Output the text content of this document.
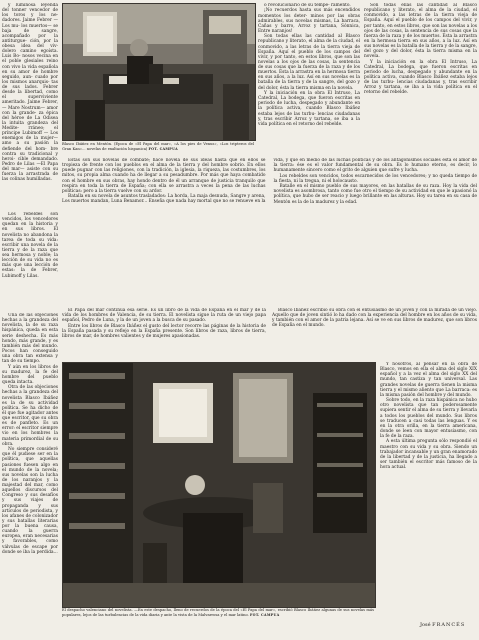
y luminosa leyenda del tonner vencedor de los toros y los ne- dadores. Jaime Febrer —Los mu- los muertos— se baja de sangre, acompañado por la antiturgue- ción, por la obesa idea del viv- dolero camino egoísta. Luis Bo- nosos vecina en el poble glesiales reino con vivo la vida española en su amor de hombre seguido, aun- cuado por los mismos anarquis- tas de sus lados. Febrer desde la libertad, como el superviviente ameritado. Jaime Febrer, — Mare Nostrum— amor con la grande- za épica del héroe de La Odisea la intuita grandeza del Medite- rráneo; el príncipe Lubimoff — Los enemigos de la mujer— amo a su pasión la defiende del hom- bre contra su tradicional y heroi- cible demandado. Pedro de Lilas —El Papa del mar— asiste con su fuerza la arrastrada de las colinas humilladas.

Blasco Ibáñez en Mentón. (Época de «El Papa del mar», «A los pies de Venus», «Los tripteros del Gran Kan»... novelas de exaltación hispanica) FOT. CAMPUA

o revolucionario de su tempe- ramento.

¡No recuerdos hasta sus más encendidos momentos los deter- minos por las obras admirables, sus novelas mismas, La barraca, Cañas y barro, Arroz y tartana, Sónnica, Entre naranjos!

Son todas ellas las cantidad al Blasco republicano y literato, el alma de la ciudad, el conmovido, a las letras de la tierra vieja de España. Aquí el pueblo de los campos del vivir, y por tanto, en estos libros, que son las novelas a los ojos de las cosas, la sentencia de sus cosas que la fuerza de la raza y de los muertos. Ésta la arrastra en la hermosa tierra en sus años, a la luz. Así en sus novelas es la batalla de la tierra y de la sangre, del gozo y del dolor, ésta la tierra misma en la novela.

Y la iniciación en la obra El Intruso, La Catedral, La bodega, que fueron escritas en periodo de lucha, despegado y abundante en la política activa, cuando Blasco Ibáñez estaba lejos de las turbu- lencias ciudadanas y, tras escribir Arroz y tartana, se iba a la vida política en el retorno del rebelde.

Son todas ellas las cantidad al Blasco republicano y literato, el alma de la ciudad, el conmovido, a las letras de la tierra vieja de España. Aquí el pueblo de los campos del vivir, y por tanto, en estos libros, que son las novelas a los ojos de las cosas, la sentencia de sus cosas que la fuerza de la raza y de los muertos. Ésta la arrastra en la hermosa tierra en sus años, a la luz. Así en sus novelas es la batalla de la tierra y de la sangre, del gozo y del dolor, ésta la tierra misma en la novela.

Y la iniciación en la obra El Intruso, La Catedral, La bodega, que fueron escritas en periodo de lucha, despegado y abundante en la política activa, cuando Blasco Ibáñez estaba lejos de las turbu- lencias ciudadanas y, tras escribir Arroz y tartana, se iba a la vida política en el retorno del rebelde.

Estas son sus novelas de combate; hace novela de sus ideas hasta que en ellos se tropieza de frente con los pueblos en el alma de la tierra y del hombre sobrio. En ellos puede pugnar con las religiones, con la tradición, la iglesia, la riqueza, las costumbres, los mitos, su propia alma cuando ha de llegar a su pesadumbre. Por más que haya combatido con el hombre en sus obras, hay hondo dentro de él un arranque de justicia tranquilo que respira en toda la tierra de España; con ella se arrastra a veces la pena de las luchas políticas: pero a la tierra vuelve con su ardor.

Batalla en su novela de asuntos trasladados: La horda, La maja desnuda, Sangre y arena, Los muertos mandan, Luna Benamor... Enseña que nada hay mortal que no se renueve en la vida, y que en medio de las luchas políticas y de los antagonismos sociales está el amor de la tierra: ése es el valor fundamental de su obra. Es lo humano eterno, es decir, lo humanamente sincero como el grito de alguien que sufre y lucha.

Los rebeldes son vencidos, todos escarnecidos de los vencedores; y no queda tiempo de la fiesta, ni la tregua, ni el holocausto.

Batalle en el mismo pueblo de sus mayores, en las batallas de su raza. Hoy la vida del novelista es asombrosa, tanto como fue otro el tiempo de su actividad en que le apasionó la política, que hubo de ser reacio y luego brillante en las alturas. Hoy su tarea en su casa de Mentón es la de la madurez y la edad.

Los rebeldes son vencidos, los vencedores quedan en la historia y en sus libros. El novelista no abandona la tarea de toda su vida: escribir una novela de la tierra y de la raza que sea hermosa y noble; la lección de su vida no es más que una lección de estas: la de Febrer, Lubimoff y Lilas.

El Papa del mar continúa esa serie. Es un libro de la vida de España en el mar y de la vida de los hombres de Valencia, de su tierra. El novelista sigue la ruta de un viejo papa español, Pedro de Luna, y la de un joven a la busca de su pasado.

Entre los libros de Blasco Ibáñez el gusto del lector recorre las páginas de la historia de la España pasada y su reflejo en la España presente. Son libros de raza, libros de tierra, libros de mar, de hombres valientes y de mujeres apasionadas.

Blasco Ibáñez escribió su obra con el entusiasmo de un joven y con la mirada de un viejo. Aquello que de joven sintió lo ha dado con la experiencia del hombre en los años de su vida, y también con el amor de la patria lejana. Así se ve en sus libros de madurez, que son libros de España en el mundo.

Una de las objeciones hechas a la grandeza del novelista, la de su raza hispánica, queda en esta serie deshecha. Es más hondo, más grande, y es también más del mundo. Pocos han conseguido una obra tan extensa y tan de su tiempo.

Y aún en los libros de su madurez, la fe del hombre del pueblo queda intacta.

Otra de las objeciones hechas a la grandeza del novelista Blasco Ibáñez es la de su actividad política. Se ha dicho de él que fue agitador antes que escritor, que su obra es de panfleto. Es un error: el escritor siempre vio en los hombres la materia primordial de su obra.

No siempre consideré que él pudiese ser en la política, que aquellas pasiones fuesen algo en el mundo de la novela; sus novelas son la lucha de los naranjos y la majestad del mar, como aquellos discursos del Congreso y sus desafíos y sus viajes de propaganda y sus artículos de periodista, y los afanes de colonizador y sus batallas literarias por la buena causa, cuando la guerra europea, eran necesarias y favorables, como válvulas de escape por donde se iba la perdida...

El despacho valenciano del novelista. —En este despacho, lleno de recuerdos de la época del «El Papa del mar», escribió Blasco Ibáñez algunas de sus novelas más populares, lejos de las turbulencias de la vida diaria y ante la vista de la Malvarrosa y el mar latino. FOT. CAMPUA

Y nosotros, al pensar en la obra de Blasco, vemos en ella el alma del siglo XIX español y a la vez el alma del siglo XX del mundo, tan castiza y tan universal. Las grandes novelas de guerra tienen la misma tierra y el mismo aliento que La barraca: es la misma pasión del hombre y del mundo.

Sobre todo, en la raza hispánica no hubo otro novelista que tan poderosamente supiera sentir el alma de su tierra y llevarla a todos los pueblos del mundo. Sus libros se traducen a casi todas las lenguas. Y es en la otra orilla, en la tierra americana, donde se leen con mayor entusiasmo, con la fe de la raza.

A esta última pregunta sólo respondió el maestro con su vida y su obra. Siendo un trabajador incansable y un gran enamorado de la libertad y de la justicia, ha llegado a ser también el escritor más famoso de la hora actual.

José FRANCÉS
